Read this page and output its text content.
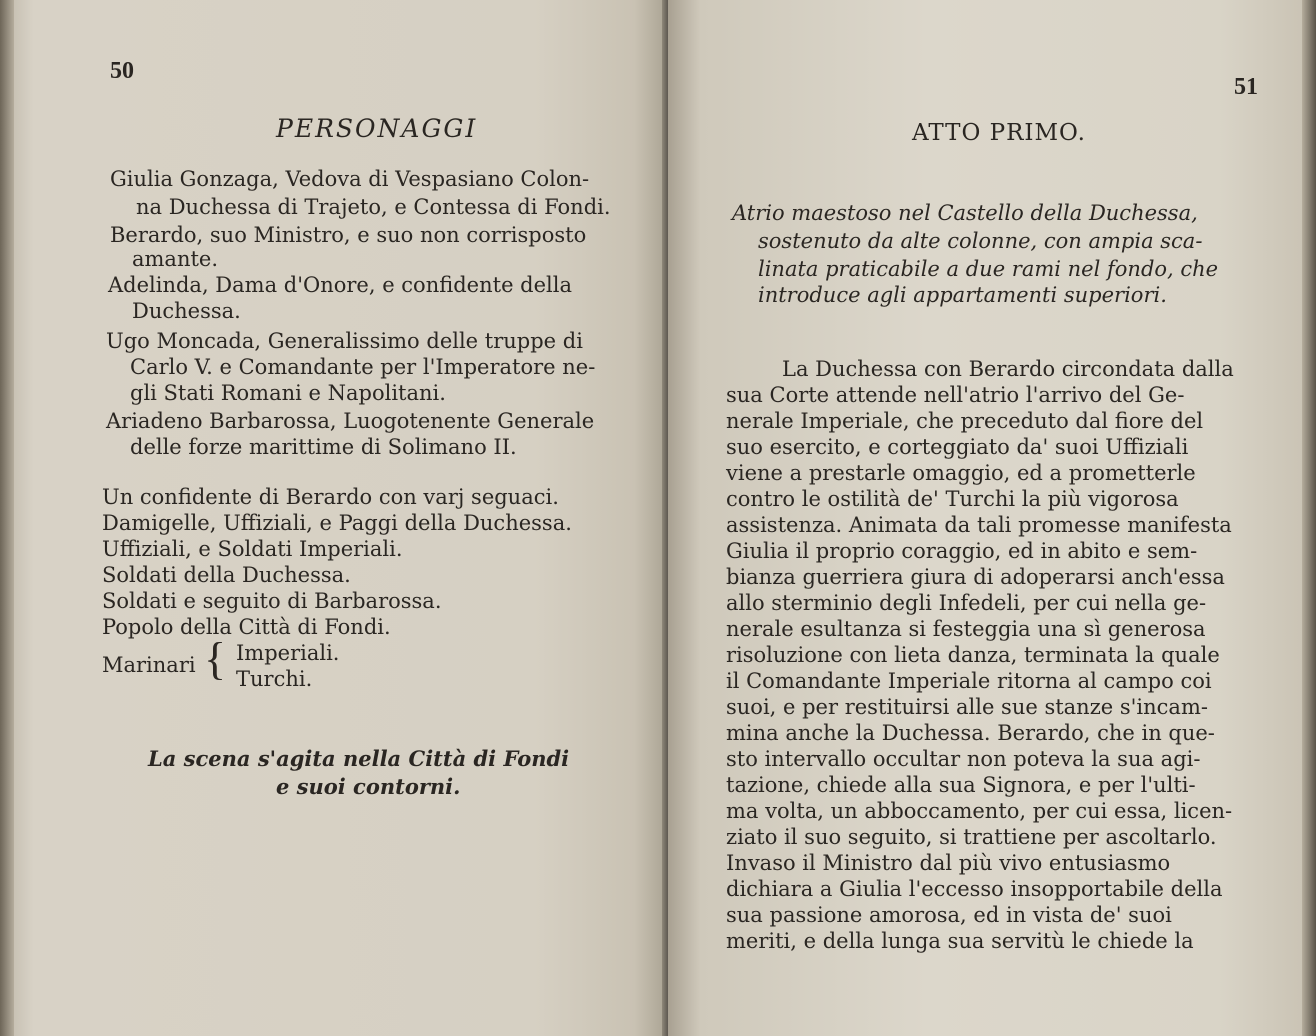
50
PERSONAGGI
Giulia Gonzaga, Vedova di Vespasiano Colon-
na Duchessa di Trajeto, e Contessa di Fondi.
Berardo, suo Ministro, e suo non corrisposto
amante.
Adelinda, Dama d'Onore, e confidente della
Duchessa.
Ugo Moncada, Generalissimo delle truppe di
Carlo V. e Comandante per l'Imperatore ne-
gli Stati Romani e Napolitani.
Ariadeno Barbarossa, Luogotenente Generale
delle forze marittime di Solimano II.
Un confidente di Berardo con varj seguaci.
Damigelle, Uffiziali, e Paggi della Duchessa.
Uffiziali, e Soldati Imperiali.
Soldati della Duchessa.
Soldati e seguito di Barbarossa.
Popolo della Città di Fondi.
Marinari { Imperiali.
Turchi.
La scena s'agita nella Città di Fondi
e suoi contorni.
51
ATTO PRIMO.
Atrio maestoso nel Castello della Duchessa,
sostenuto da alte colonne, con ampia sca-
linata praticabile a due rami nel fondo, che
introduce agli appartamenti superiori.
La Duchessa con Berardo circondata dalla
sua Corte attende nell'atrio l'arrivo del Ge-
nerale Imperiale, che preceduto dal fiore del
suo esercito, e corteggiato da' suoi Uffiziali
viene a prestarle omaggio, ed a prometterle
contro le ostilità de' Turchi la più vigorosa
assistenza. Animata da tali promesse manifesta
Giulia il proprio coraggio, ed in abito e sem-
bianza guerriera giura di adoperarsi anch'essa
allo sterminio degli Infedeli, per cui nella ge-
nerale esultanza si festeggia una sì generosa
risoluzione con lieta danza, terminata la quale
il Comandante Imperiale ritorna al campo coi
suoi, e per restituirsi alle sue stanze s'incam-
mina anche la Duchessa. Berardo, che in que-
sto intervallo occultar non poteva la sua agi-
tazione, chiede alla sua Signora, e per l'ulti-
ma volta, un abboccamento, per cui essa, licen-
ziato il suo seguito, si trattiene per ascoltarlo.
Invaso il Ministro dal più vivo entusiasmo
dichiara a Giulia l'eccesso insopportabile della
sua passione amorosa, ed in vista de' suoi
meriti, e della lunga sua servitù le chiede la
